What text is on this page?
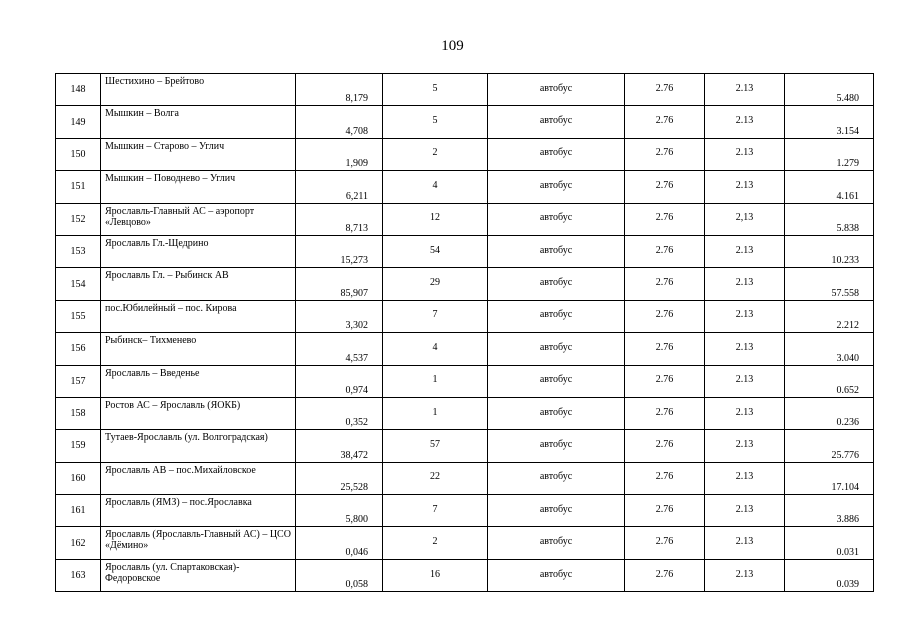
109
148	Шестихино – Брейтово	8,179	5	автобус	2.76	2.13	5.480
149	Мышкин – Волга	4,708	5	автобус	2.76	2.13	3.154
150	Мышкин – Старово – Углич	1,909	2	автобус	2.76	2.13	1.279
151	Мышкин – Поводнево – Углич	6,211	4	автобус	2.76	2.13	4.161
152	Ярославль-Главный АС – аэропорт «Левцово»	8,713	12	автобус	2.76	2,13	5.838
153	Ярославль Гл.-Щедрино	15,273	54	автобус	2.76	2.13	10.233
154	Ярославль Гл. – Рыбинск АВ	85,907	29	автобус	2.76	2.13	57.558
155	пос.Юбилейный – пос. Кирова	3,302	7	автобус	2.76	2.13	2.212
156	Рыбинск– Тихменево	4,537	4	автобус	2.76	2.13	3.040
157	Ярославль – Введенье	0,974	1	автобус	2.76	2.13	0.652
158	Ростов АС – Ярославль (ЯОКБ)	0,352	1	автобус	2.76	2.13	0.236
159	Тутаев-Ярославль (ул. Волгоградская)	38,472	57	автобус	2.76	2.13	25.776
160	Ярославль АВ – пос.Михайловское	25,528	22	автобус	2.76	2.13	17.104
161	Ярославль (ЯМЗ) – пос.Ярославка	5,800	7	автобус	2.76	2.13	3.886
162	Ярославль (Ярославль-Главный АС) – ЦСО «Дёмино»	0,046	2	автобус	2.76	2.13	0.031
163	Ярославль (ул. Спартаковская)-Федоровское	0,058	16	автобус	2.76	2.13	0.039
